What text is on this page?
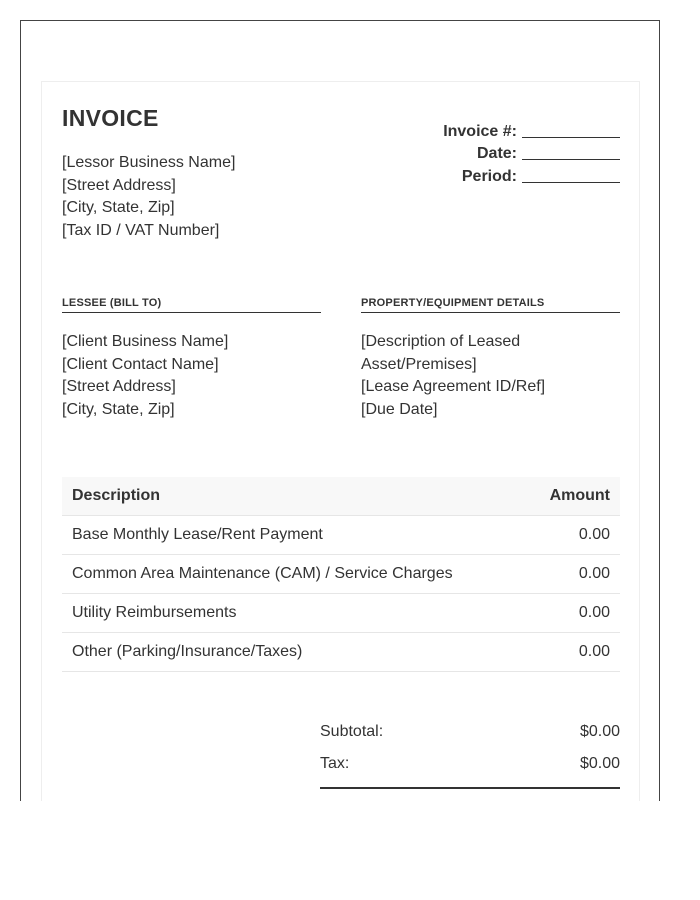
INVOICE
[Lessor Business Name]
[Street Address]
[City, State, Zip]
[Tax ID / VAT Number]
Invoice #:
Date:
Period:
LESSEE (BILL TO)	PROPERTY/EQUIPMENT DETAILS
[Client Business Name]
[Client Contact Name]
[Street Address]
[City, State, Zip]
[Description of Leased
Asset/Premises]
[Lease Agreement ID/Ref]
[Due Date]
Description	Amount
Base Monthly Lease/Rent Payment	0.00
Common Area Maintenance (CAM) / Service Charges	0.00
Utility Reimbursements	0.00
Other (Parking/Insurance/Taxes)	0.00
Subtotal:	$0.00
Tax:	$0.00
